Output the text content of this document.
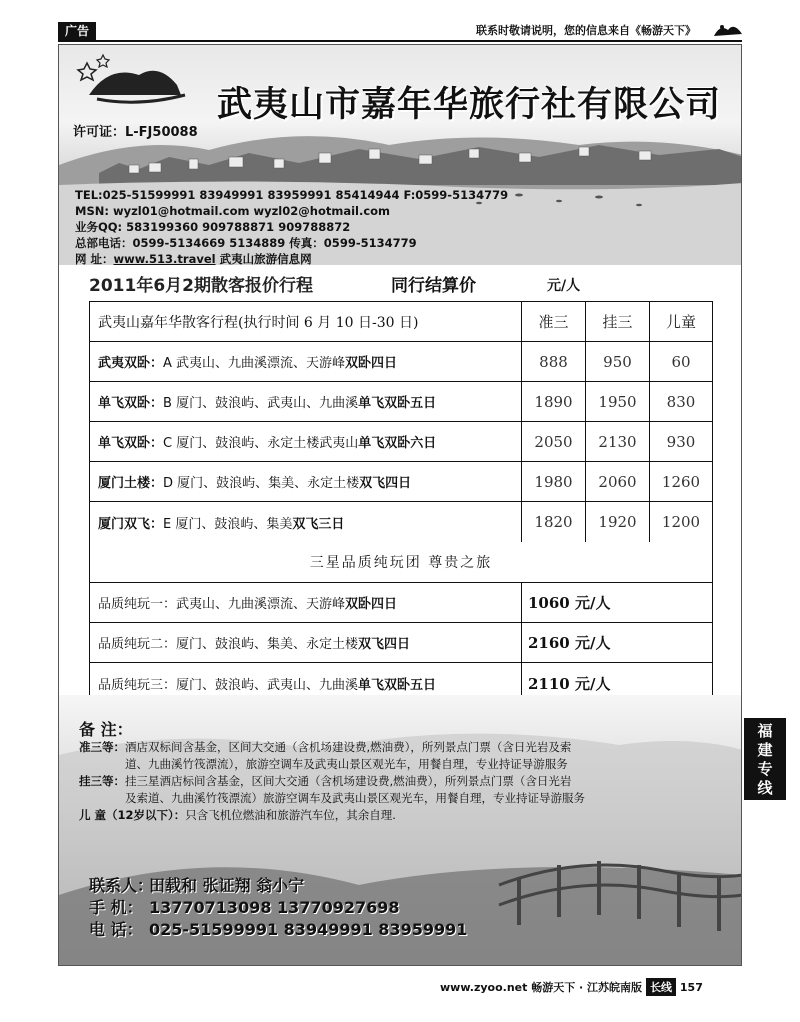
广告	联系时敬请说明，您的信息来自《畅游天下》
武夷山市嘉年华旅行社有限公司
许可证：L-FJ50088
TEL:025-51599991 83949991 83959991 85414944 F:0599-5134779
MSN: wyzl01@hotmail.com wyzl02@hotmail.com
业务QQ: 583199360 909788871 909788872
总部电话：0599-5134669 5134889 传真：0599-5134779
网 址：www.513.travel 武夷山旅游信息网
2011年6月2期散客报价行程	同行结算价	元/人
武夷山嘉年华散客行程(执行时间 6 月 10 日-30 日)	准三	挂三	儿童
武夷双卧： A 武夷山、九曲溪漂流、天游峰 双卧四日	888	950	60
单飞双卧： B 厦门、鼓浪屿、武夷山、九曲溪 单飞双卧五日	1890	1950	830
单飞双卧： C 厦门、鼓浪屿、永定土楼武夷山 单飞双卧六日	2050	2130	930
厦门土楼： D 厦门、鼓浪屿、集美、永定土楼 双飞四日	1980	2060	1260
厦门双飞： E 厦门、鼓浪屿、集美 双飞三日	1820	1920	1200
三星品质纯玩团 尊贵之旅
品质纯玩一： 武夷山、九曲溪漂流、天游峰 双卧四日	1060 元/人
品质纯玩二： 厦门、鼓浪屿、集美、永定土楼 双飞四日	2160 元/人
品质纯玩三： 厦门、鼓浪屿、武夷山、九曲溪 单飞双卧五日	2110 元/人
备 注：
准三等：酒店双标间含基金，区间大交通（含机场建设费,燃油费），所列景点门票（含日光岩及索
道、九曲溪竹筏漂流），旅游空调车及武夷山景区观光车，用餐自理，专业持证导游服务
挂三等：挂三星酒店标间含基金，区间大交通（含机场建设费,燃油费），所列景点门票（含日光岩
及索道、九曲溪竹筏漂流）旅游空调车及武夷山景区观光车，用餐自理，专业持证导游服务
儿 童（12岁以下）：只含飞机位燃油和旅游汽车位，其余自理.
联系人：田载和 张证翔 翁小宁
手 机： 13770713098 13770927698
电 话： 025-51599991 83949991 83959991
福
建
专
线
www.zyoo.net 畅游天下 · 江苏皖南版 长线 157
